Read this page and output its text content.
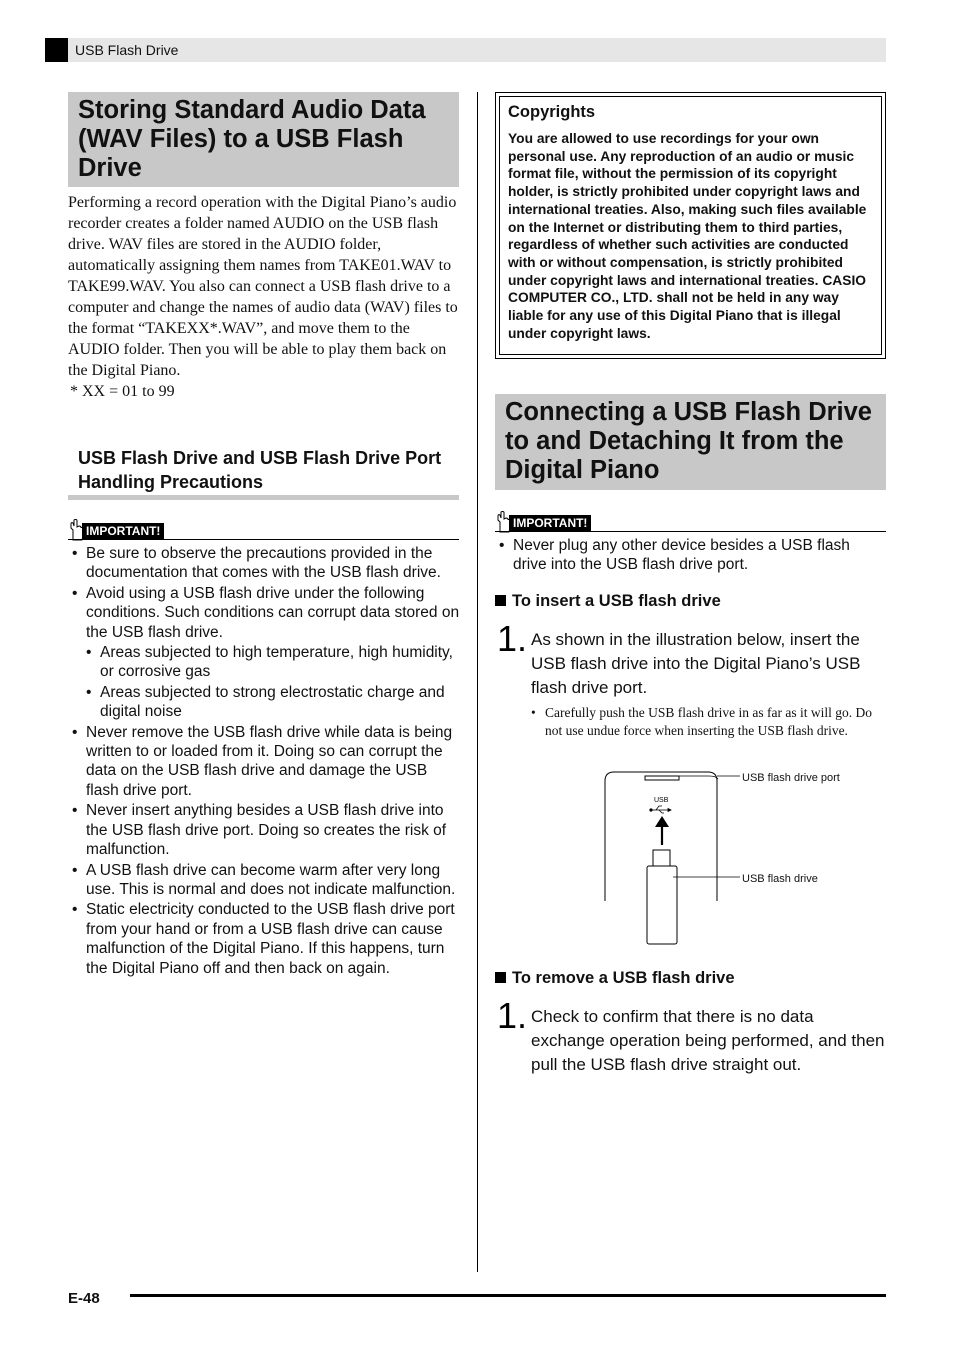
USB Flash Drive
Storing Standard Audio Data (WAV Files) to a USB Flash Drive

Performing a record operation with the Digital Piano’s audio recorder creates a folder named AUDIO on the USB flash drive. WAV files are stored in the AUDIO folder, automatically assigning them names from TAKE01.WAV to TAKE99.WAV. You also can connect a USB flash drive to a computer and change the names of audio data (WAV) files to the format “TAKEXX*.WAV”, and move them to the AUDIO folder. Then you will be able to play them back on the Digital Piano.

* XX = 01 to 99

USB Flash Drive and USB Flash Drive Port Handling Precautions
IMPORTANT!
• Be sure to observe the precautions provided in the documentation that comes with the USB flash drive.
• Avoid using a USB flash drive under the following conditions. Such conditions can corrupt data stored on the USB flash drive.
• Areas subjected to high temperature, high humidity, or corrosive gas
• Areas subjected to strong electrostatic charge and digital noise
• Never remove the USB flash drive while data is being written to or loaded from it. Doing so can corrupt the data on the USB flash drive and damage the USB flash drive port.
• Never insert anything besides a USB flash drive into the USB flash drive port. Doing so creates the risk of malfunction.
• A USB flash drive can become warm after very long use. This is normal and does not indicate malfunction.
• Static electricity conducted to the USB flash drive port from your hand or from a USB flash drive can cause malfunction of the Digital Piano. If this happens, turn the Digital Piano off and then back on again.
Copyrights
You are allowed to use recordings for your own personal use. Any reproduction of an audio or music format file, without the permission of its copyright holder, is strictly prohibited under copyright laws and international treaties. Also, making such files available on the Internet or distributing them to third parties, regardless of whether such activities are conducted with or without compensation, is strictly prohibited under copyright laws and international treaties. CASIO COMPUTER CO., LTD. shall not be held in any way liable for any use of this Digital Piano that is illegal under copyright laws.
Connecting a USB Flash Drive to and Detaching It from the Digital Piano
IMPORTANT!
• Never plug any other device besides a USB flash drive into the USB flash drive port.
To insert a USB flash drive
1. As shown in the illustration below, insert the USB flash drive into the Digital Piano’s USB flash drive port.
• Carefully push the USB flash drive in as far as it will go. Do not use undue force when inserting the USB flash drive.
USB
USB flash drive port
USB flash drive
To remove a USB flash drive
1. Check to confirm that there is no data exchange operation being performed, and then pull the USB flash drive straight out.
E-48
